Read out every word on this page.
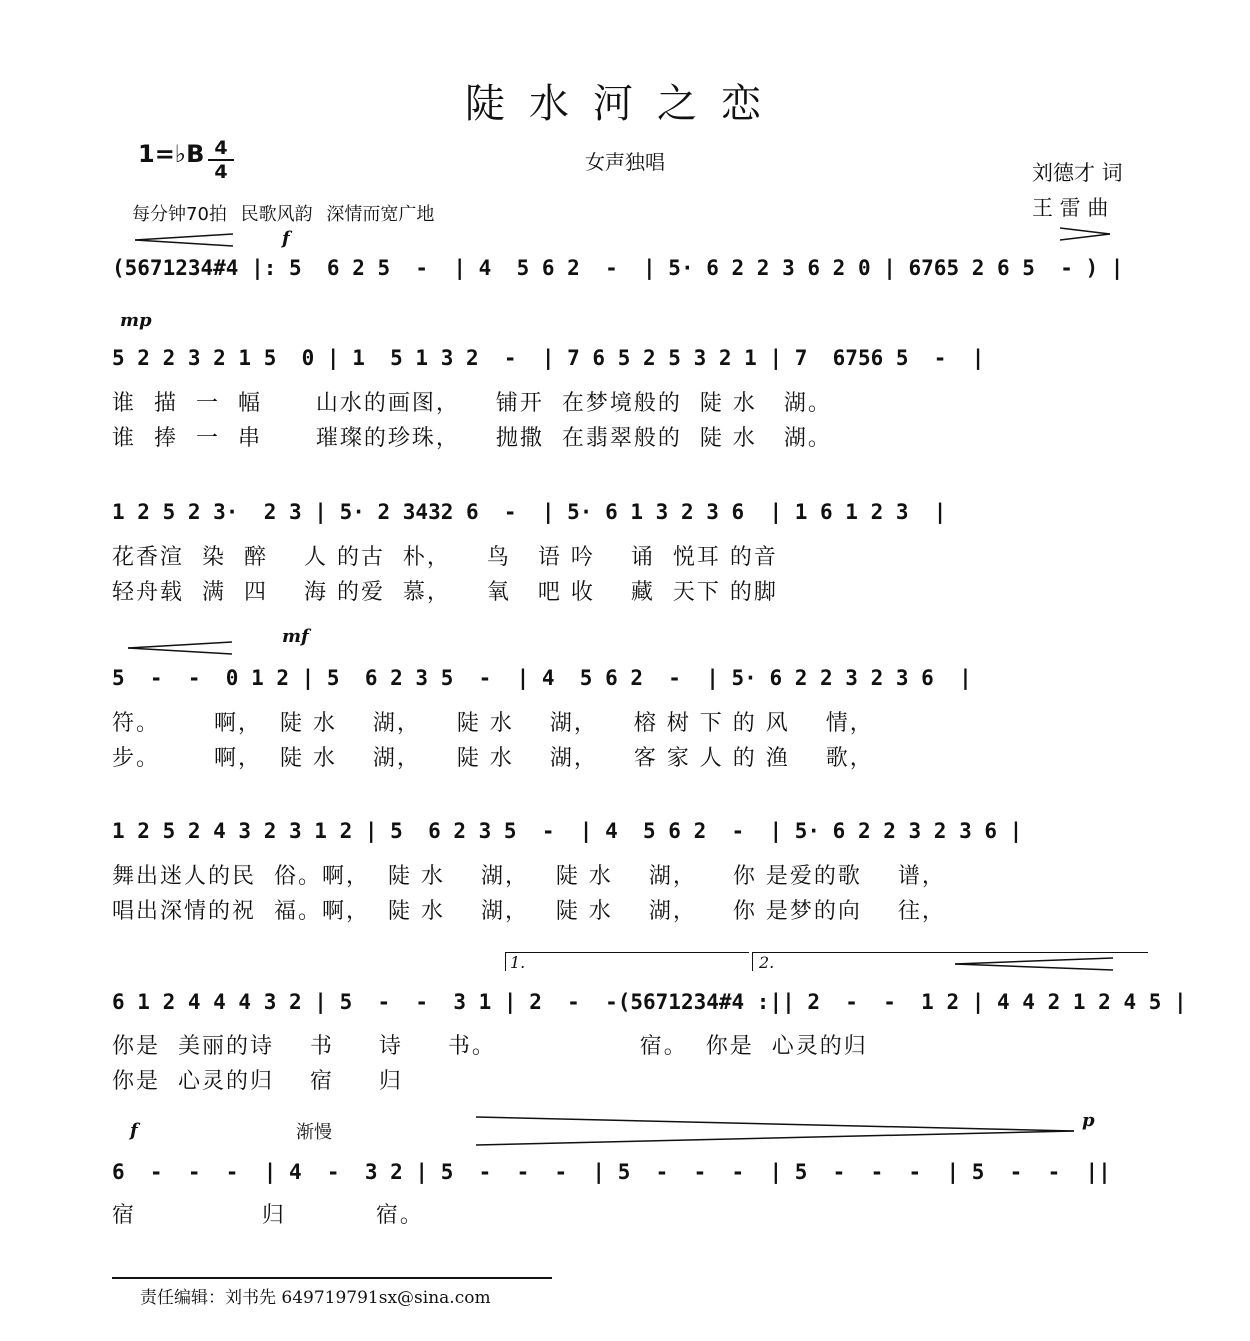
陡水河之恋
女声独唱
1=♭B 4
4
每分钟70拍 民歌风韵 深情而宽广地
刘德才 词
王 雷 曲
f
(5671234#4 |: 5  6 2 5  -  | 4  5 6 2  -  | 5· 6 2 2 3 6 2 0 | 6765 2 6 5  - ) |
mp
5 2 2 3 2 1 5  0 | 1  5 1 3 2  -  | 7 6 5 2 5 3 2 1 | 7  6756 5  -  |
谁  描  一  幅      山水的画图，    铺开  在梦境般的  陡 水   湖。
谁  捧  一  串      璀璨的珍珠，    抛撒  在翡翠般的  陡 水   湖。
1 2 5 2 3·  2 3 | 5· 2 3432 6  -  | 5· 6 1 3 2 3 6  | 1 6 1 2 3  |
花香渲  染  醉    人 的古  朴，    鸟   语 吟    诵  悦耳 的音
轻舟载  满  四    海 的爱  慕，    氧   吧 收    藏  天下 的脚
mf
5  -  -  0 1 2 | 5  6 2 3 5  -  | 4  5 6 2  -  | 5· 6 2 2 3 2 3 6  |
符。      啊，  陡 水    湖，    陡 水    湖，    榕 树 下 的 风    情，
步。      啊，  陡 水    湖，    陡 水    湖，    客 家 人 的 渔    歌，
1 2 5 2 4 3 2 3 1 2 | 5  6 2 3 5  -  | 4  5 6 2  -  | 5· 6 2 2 3 2 3 6 |
舞出迷人的民  俗。啊，  陡 水    湖，   陡 水    湖，    你 是爱的歌    谱，
唱出深情的祝  福。啊，  陡 水    湖，   陡 水    湖，    你 是梦的向    往，
1.	2.
6 1 2 4 4 4 3 2 | 5  -  -  3 1 | 2  -  -(5671234#4 :|| 2  -  -  1 2 | 4 4 2 1 2 4 5 |
你是  美丽的诗    书     诗     书。                宿。  你是  心灵的归
你是  心灵的归    宿     归
f	渐慢
p
6  -  -  -  | 4  -  3 2 | 5  -  -  -  | 5  -  -  -  | 5  -  -  -  | 5  -  -  ||
宿              归          宿。
责任编辑：刘书先 649719791sx@sina.com
